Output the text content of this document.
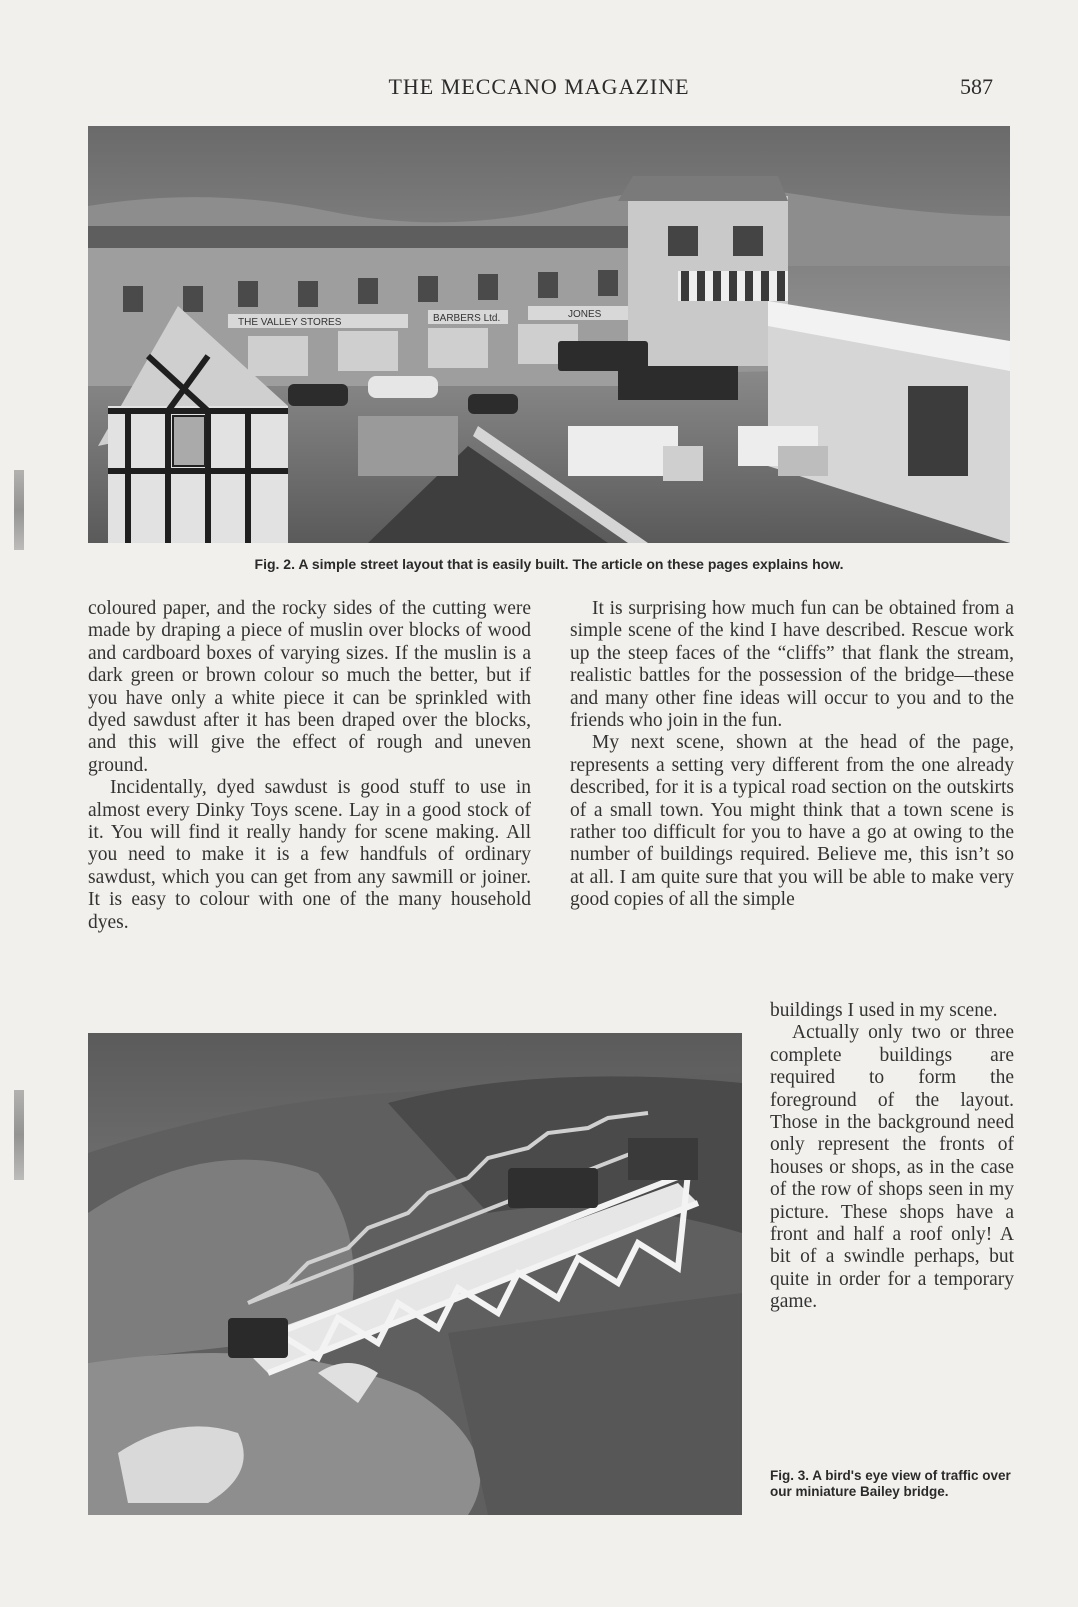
THE MECCANO MAGAZINE	587
THE VALLEY STORES	BARBERS Ltd.	JONES
Fig. 2. A simple street layout that is easily built. The article on these pages explains how.

coloured paper, and the rocky sides of the cutting were made by draping a piece of muslin over blocks of wood and cardboard boxes of varying sizes. If the muslin is a dark green or brown colour so much the better, but if you have only a white piece it can be sprinkled with dyed sawdust after it has been draped over the blocks, and this will give the effect of rough and uneven ground.

Incidentally, dyed sawdust is good stuff to use in almost every Dinky Toys scene. Lay in a good stock of it. You will find it really handy for scene making. All you need to make it is a few handfuls of ordinary sawdust, which you can get from any sawmill or joiner. It is easy to colour with one of the many household dyes.

It is surprising how much fun can be obtained from a simple scene of the kind I have described. Rescue work up the steep faces of the “cliffs” that flank the stream, realistic battles for the possession of the bridge—these and many other fine ideas will occur to you and to the friends who join in the fun.

My next scene, shown at the head of the page, represents a setting very different from the one already described, for it is a typical road section on the outskirts of a small town. You might think that a town scene is rather too difficult for you to have a go at owing to the number of buildings required. Believe me, this isn’t so at all. I am quite sure that you will be able to make very good copies of all the simple

buildings I used in my scene.

Actually only two or three complete buildings are required to form the foreground of the layout. Those in the background need only represent the fronts of houses or shops, as in the case of the row of shops seen in my picture. These shops have a front and half a roof only! A bit of a swindle perhaps, but quite in order for a temporary game.

Fig. 3. A bird's eye view of traffic over our miniature Bailey bridge.
